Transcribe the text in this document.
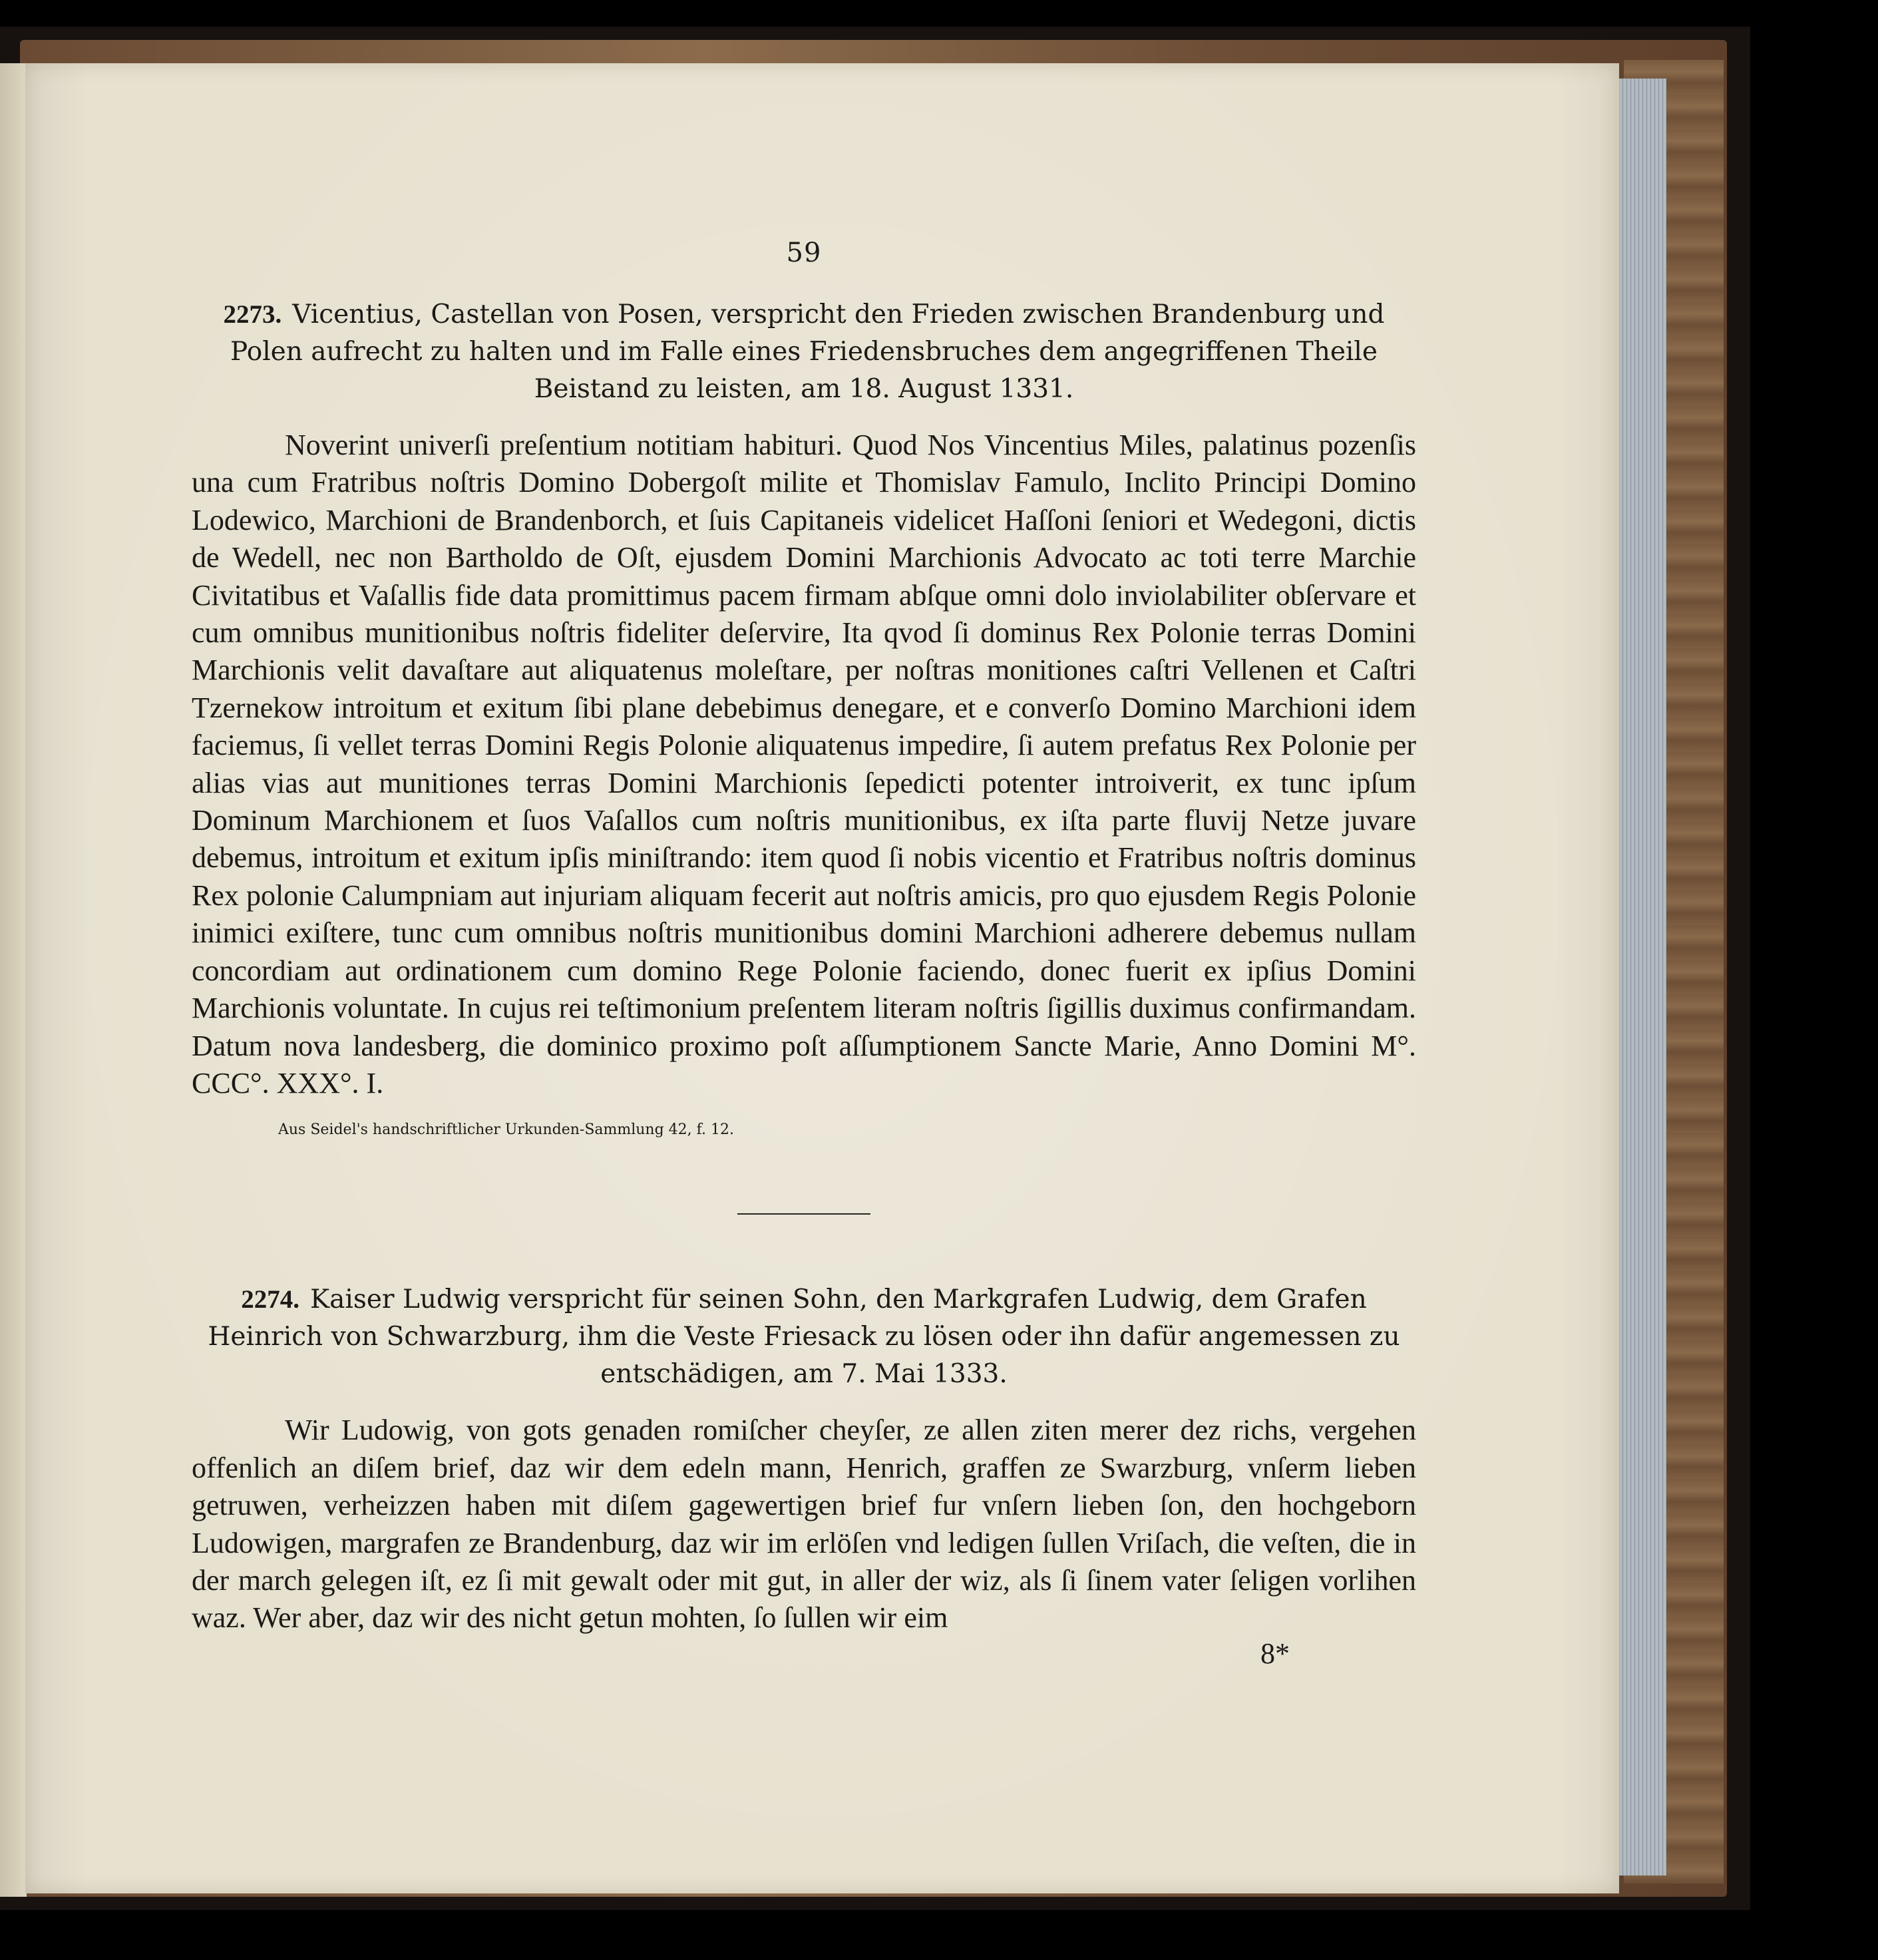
59
2273. Vicentius, Castellan von Posen, verspricht den Frieden zwischen Brandenburg und Polen aufrecht zu halten und im Falle eines Friedensbruches dem angegriffenen Theile Beistand zu leisten, am 18. August 1331.

Noverint univerſi preſentium notitiam habituri. Quod Nos Vincentius Miles, palatinus pozenſis una cum Fratribus noſtris Domino Dobergoſt milite et Thomislav Famulo, Inclito Principi Domino Lodewico, Marchioni de Brandenborch, et ſuis Capitaneis videlicet Haſſoni ſeniori et Wedegoni, dictis de Wedell, nec non Bartholdo de Oſt, ejusdem Domini Marchionis Advocato ac toti terre Marchie Civitatibus et Vaſallis fide data promittimus pacem firmam abſque omni dolo inviolabiliter obſervare et cum omnibus munitionibus noſtris fideliter deſervire, Ita qvod ſi dominus Rex Polonie terras Domini Marchionis velit davaſtare aut aliquatenus moleſtare, per noſtras monitiones caſtri Vellenen et Caſtri Tzernekow introitum et exitum ſibi plane debebimus denegare, et e converſo Domino Marchioni idem faciemus, ſi vellet terras Domini Regis Polonie aliquatenus impedire, ſi autem prefatus Rex Polonie per alias vias aut munitiones terras Domini Marchionis ſepedicti potenter introiverit, ex tunc ipſum Dominum Marchionem et ſuos Vaſallos cum noſtris munitionibus, ex iſta parte fluvij Netze juvare debemus, introitum et exitum ipſis miniſtrando: item quod ſi nobis vicentio et Fratribus noſtris dominus Rex polonie Calumpniam aut injuriam aliquam fecerit aut noſtris amicis, pro quo ejusdem Regis Polonie inimici exiſtere, tunc cum omnibus noſtris munitionibus domini Marchioni adherere debemus nullam concordiam aut ordinationem cum domino Rege Polonie faciendo, donec fuerit ex ipſius Domini Marchionis voluntate. In cujus rei teſtimonium preſentem literam noſtris ſigillis duximus confirmandam. Datum nova landesberg, die dominico proximo poſt aſſumptionem Sancte Marie, Anno Domini M°. CCC°. XXX°. I.

Aus Seidel's handschriftlicher Urkunden-Sammlung 42, f. 12.
2274. Kaiser Ludwig verspricht für seinen Sohn, den Markgrafen Ludwig, dem Grafen Heinrich von Schwarzburg, ihm die Veste Friesack zu lösen oder ihn dafür angemessen zu entschädigen, am 7. Mai 1333.

Wir Ludowig, von gots genaden romiſcher cheyſer, ze allen ziten merer dez richs, vergehen offenlich an diſem brief, daz wir dem edeln mann, Henrich, graffen ze Swarzburg, vnſerm lieben getruwen, verheizzen haben mit diſem gagewertigen brief fur vnſern lieben ſon, den hochgeborn Ludowigen, margrafen ze Brandenburg, daz wir im erlöſen vnd ledigen ſullen Vriſach, die veſten, die in der march gelegen iſt, ez ſi mit gewalt oder mit gut, in aller der wiz, als ſi ſinem vater ſeligen vorlihen waz. Wer aber, daz wir des nicht getun mohten, ſo ſullen wir eim

8*
